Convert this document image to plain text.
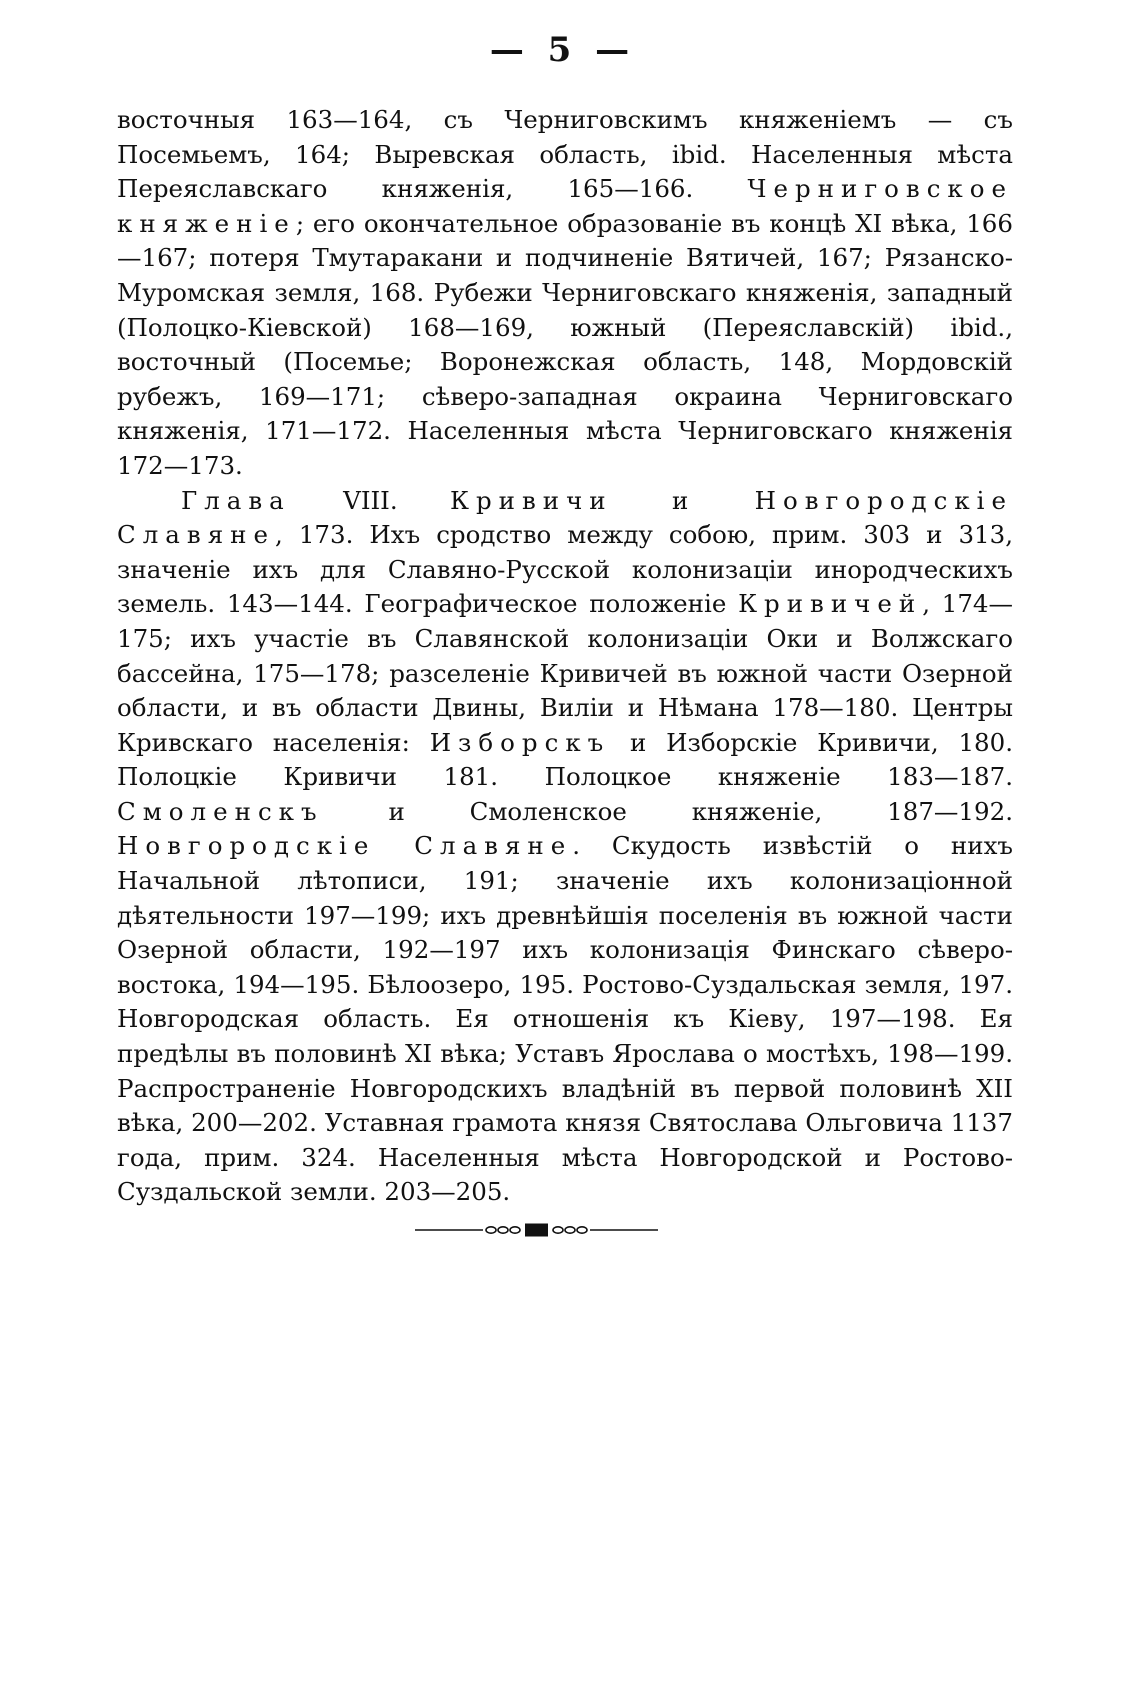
— 5 —

восточныя 163—164, съ Черниговскимъ княженіемъ — съ Посемьемъ, 164; Выревская область, ibid. Населенныя мѣста Переяславскаго княженія, 165—166. Черниговское княженіе; его окончательное образованіе въ концѣ XI вѣка, 166—167; потеря Тмутаракани и подчиненіе Вятичей, 167; Рязанско-Муромская земля, 168. Рубежи Черниговскаго княженія, западный (Полоцко-Кіевской) 168—169, южный (Переяславскій) ibid., восточный (Посемье; Воронежская область, 148, Мордовскій рубежъ, 169—171; сѣверо-западная окраина Черниговскаго княженія, 171—172. Населенныя мѣста Черниговскаго княженія 172—173.

Глава VIII. Кривичи и Новгородскіе Славяне, 173. Ихъ сродство между собою, прим. 303 и 313, значеніе ихъ для Славяно-Русской колонизаціи инородческихъ земель. 143—144. Географическое положеніе Кривичей, 174—175; ихъ участіе въ Славянской колонизаціи Оки и Волжскаго бассейна, 175—178; разселеніе Кривичей въ южной части Озерной области, и въ области Двины, Виліи и Нѣмана 178—180. Центры Кривскаго населенія: Изборскъ и Изборскіе Кривичи, 180. Полоцкіе Кривичи 181. Полоцкое княженіе 183—187. Смоленскъ и Смоленское княженіе, 187—192. Новгородскіе Славяне. Скудость извѣстій о нихъ Начальной лѣтописи, 191; значеніе ихъ колонизаціонной дѣятельности 197—199; ихъ древнѣйшія поселенія въ южной части Озерной области, 192—197 ихъ колонизація Финскаго сѣверо-востока, 194—195. Бѣлоозеро, 195. Ростово-Суздальская земля, 197. Новгородская область. Ея отношенія къ Кіеву, 197—198. Ея предѣлы въ половинѣ XI вѣка; Уставъ Ярослава о мостѣхъ, 198—199. Распространеніе Новгородскихъ владѣній въ первой половинѣ XII вѣка, 200—202. Уставная грамота князя Святослава Ольговича 1137 года, прим. 324. Населенныя мѣста Новгородской и Ростово-Суздальской земли. 203—205.
